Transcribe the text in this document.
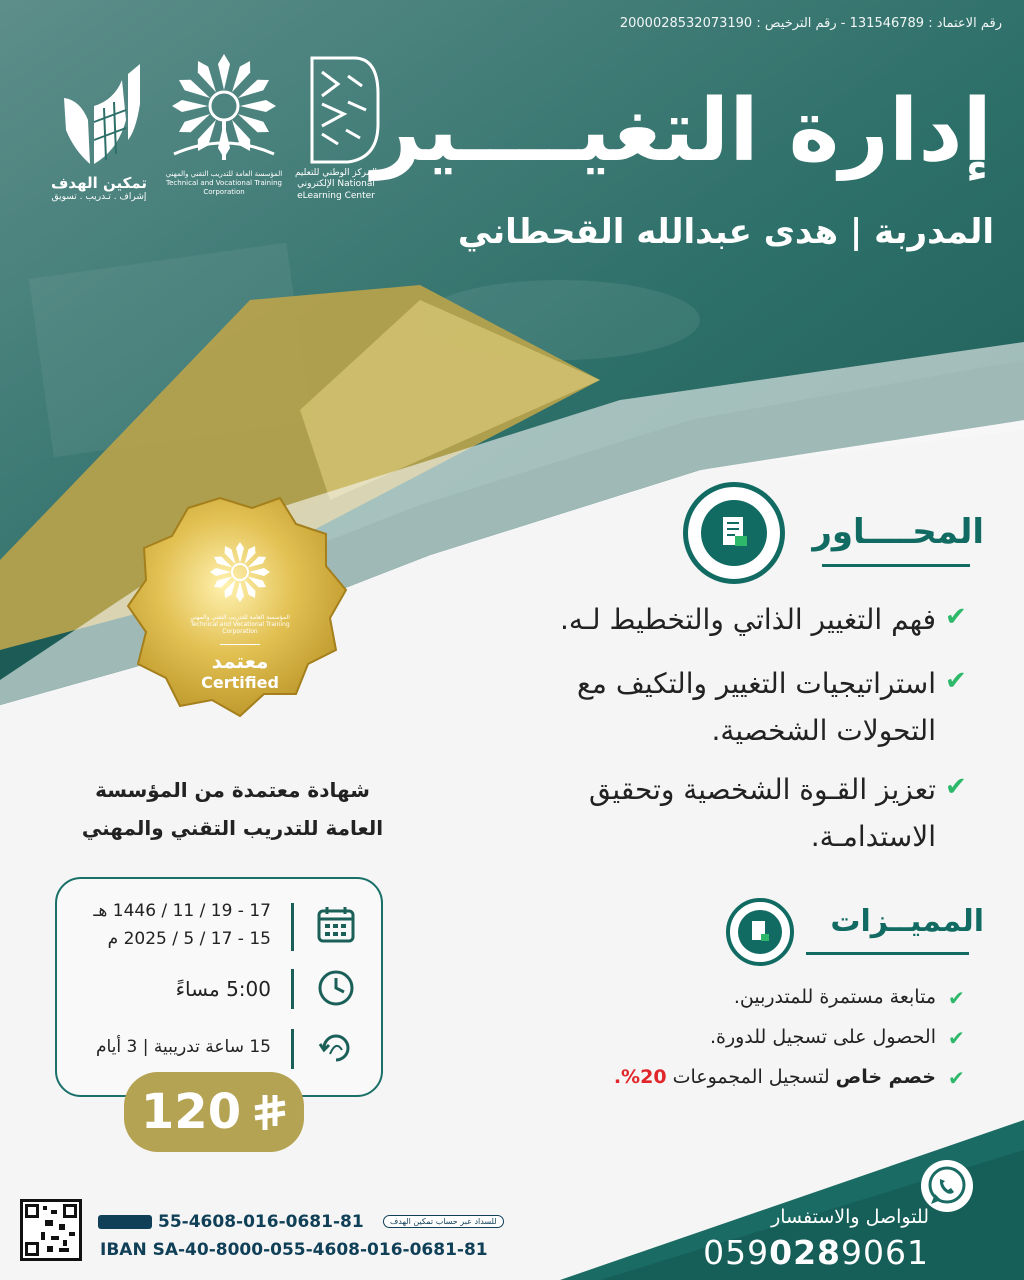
رقم الاعتماد : 131546789 - رقم الترخيص : 2000028532073190
إدارة التغيــــير
المدربة | هدى عبدالله القحطاني
المركز الوطني للتعليم الإلكتروني National eLearning Center
المؤسسة العامة للتدريب التقني والمهني Technical and Vocational Training Corporation
تمكين الهدف
إشراف . تـدريب . تسويق
المحــــاور
فهم التغيير الذاتي والتخطيط لـه. ✔
استراتيجيات التغيير والتكيف مع التحولات الشخصية.
✔
تعزيز القـوة الشخصية وتحقيق الاستدامـة.
✔
المميــزات
متابعة مستمرة للمتدربين. ✔
الحصول على تسجيل للدورة. ✔
خصم خاص لتسجيل المجموعات 20%.	✔
المؤسسة العامة للتدريب التقني والمهني Technical and Vocational Training Corporation
معتمد
Certified
شهادة معتمدة من المؤسسة
العامة للتدريب التقني والمهني
17 - 19 / 11 / 1446 هـ
15 - 17 / 5 / 2025 م
5:00 مساءً
15 ساعة تدريبية | 3 أيام
120
55-4608-016-0681-81	للسداد عبر حساب تمكين الهدف
IBAN SA-40-8000-055-4608-016-0681-81
للتواصل والاستفسار
0590289061
